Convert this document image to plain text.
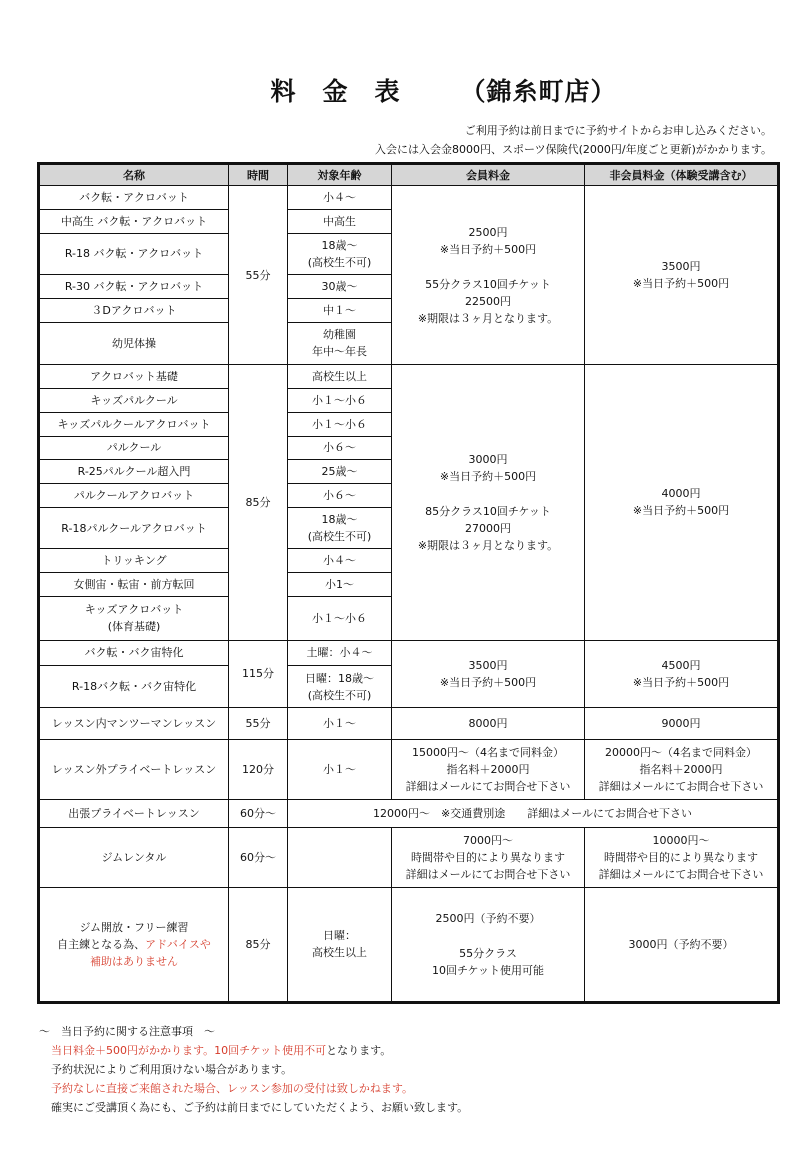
料　金　表 （錦糸町店）
ご利用予約は前日までに予約サイトからお申し込みください。
入会には入会金8000円、スポーツ保険代(2000円/年度ごと更新)がかかります。
名称	時間	対象年齢	会員料金	非会員料金（体験受講含む）

バク転・アクロバット	55分	小４〜	2500円
※当日予約＋500円
55分クラス10回チケット
22500円
※期限は３ヶ月となります。	3500円
※当日予約＋500円

中高生 バク転・アクロバット		中高生		

R-18 バク転・アクロバット		18歳〜
(高校生不可)		

R-30 バク転・アクロバット		30歳〜		

３Dアクロバット		中１〜		

幼児体操		幼稚園
年中〜年長		

アクロバット基礎	85分	高校生以上	3000円
※当日予約＋500円
85分クラス10回チケット
27000円
※期限は３ヶ月となります。	4000円
※当日予約＋500円

キッズパルクール		小１〜小６		

キッズパルクールアクロバット		小１〜小６		

パルクール		小６〜		

R-25パルクール超入門		25歳〜		

パルクールアクロバット		小６〜		

R-18パルクールアクロバット		18歳〜
(高校生不可)		

トリッキング		小４〜		

女側宙・転宙・前方転回		小1〜		

キッズアクロバット
(体育基礎)		小１〜小６		

バク転・バク宙特化	115分	土曜：小４〜	3500円
※当日予約＋500円	4500円
※当日予約＋500円

R-18バク転・バク宙特化		日曜：18歳〜
(高校生不可)		

レッスン内マンツーマンレッスン	55分	小１〜	8000円	9000円
レッスン外プライベートレッスン	120分	小１〜	15000円〜（4名まで同料金）
指名料＋2000円
詳細はメールにてお問合せ下さい	20000円〜（4名まで同料金）
指名料＋2000円
詳細はメールにてお問合せ下さい

出張プライベートレッスン	60分〜	12000円〜　※交通費別途　　詳細はメールにてお問合せ下さい		
ジムレンタル	60分〜		7000円〜
時間帯や目的により異なります
詳細はメールにてお問合せ下さい	10000円〜
時間帯や目的により異なります
詳細はメールにてお問合せ下さい

ジム開放・フリー練習
自主練となる為、アドバイスや
補助はありません	85分	日曜：
高校生以上	2500円（予約不要）
55分クラス
10回チケット使用可能	3000円（予約不要）
〜　当日予約に関する注意事項　〜
当日料金＋500円がかかります。10回チケット使用不可となります。
予約状況によりご利用頂けない場合があります。
予約なしに直接ご来館された場合、レッスン参加の受付は致しかねます。
確実にご受講頂く為にも、ご予約は前日までにしていただくよう、お願い致します。
